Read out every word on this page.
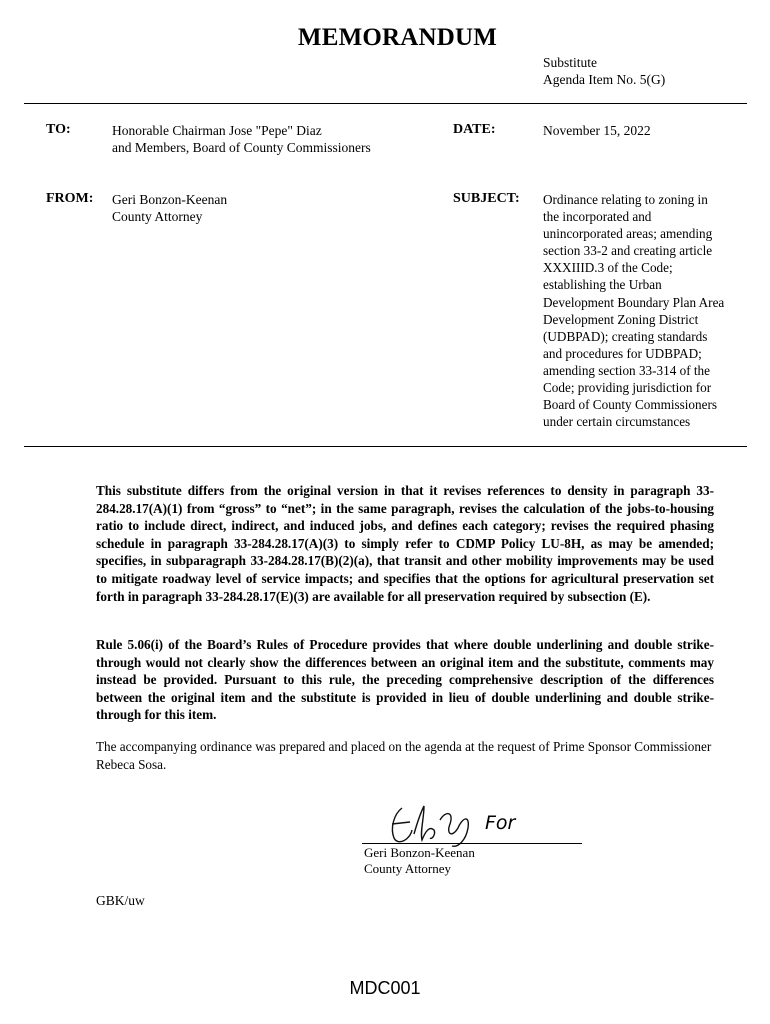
MEMORANDUM
Substitute
Agenda Item No. 5(G)
TO:	Honorable Chairman Jose "Pepe" Diaz
and Members, Board of County Commissioners
DATE:	November 15, 2022
FROM: Geri Bonzon-Keenan
County Attorney
SUBJECT: Ordinance relating to zoning in
the incorporated and
unincorporated areas; amending
section 33-2 and creating article
XXXIIID.3 of the Code;
establishing the Urban
Development Boundary Plan Area
Development Zoning District
(UDBPAD); creating standards
and procedures for UDBPAD;
amending section 33-314 of the
Code; providing jurisdiction for
Board of County Commissioners
under certain circumstances

This substitute differs from the original version in that it revises references to density in paragraph 33-284.28.17(A)(1) from “gross” to “net”; in the same paragraph, revises the calculation of the jobs-to-housing ratio to include direct, indirect, and induced jobs, and defines each category; revises the required phasing schedule in paragraph 33-284.28.17(A)(3) to simply refer to CDMP Policy LU-8H, as may be amended; specifies, in subparagraph 33-284.28.17(B)(2)(a), that transit and other mobility improvements may be used to mitigate roadway level of service impacts; and specifies that the options for agricultural preservation set forth in paragraph 33-284.28.17(E)(3) are available for all preservation required by subsection (E).

Rule 5.06(i) of the Board’s Rules of Procedure provides that where double underlining and double strike-through would not clearly show the differences between an original item and the substitute, comments may instead be provided. Pursuant to this rule, the preceding comprehensive description of the differences between the original item and the substitute is provided in lieu of double underlining and double strike-through for this item.

The accompanying ordinance was prepared and placed on the agenda at the request of Prime Sponsor Commissioner Rebeca Sosa.

For
Geri Bonzon-Keenan
County Attorney
GBK/uw
MDC001
